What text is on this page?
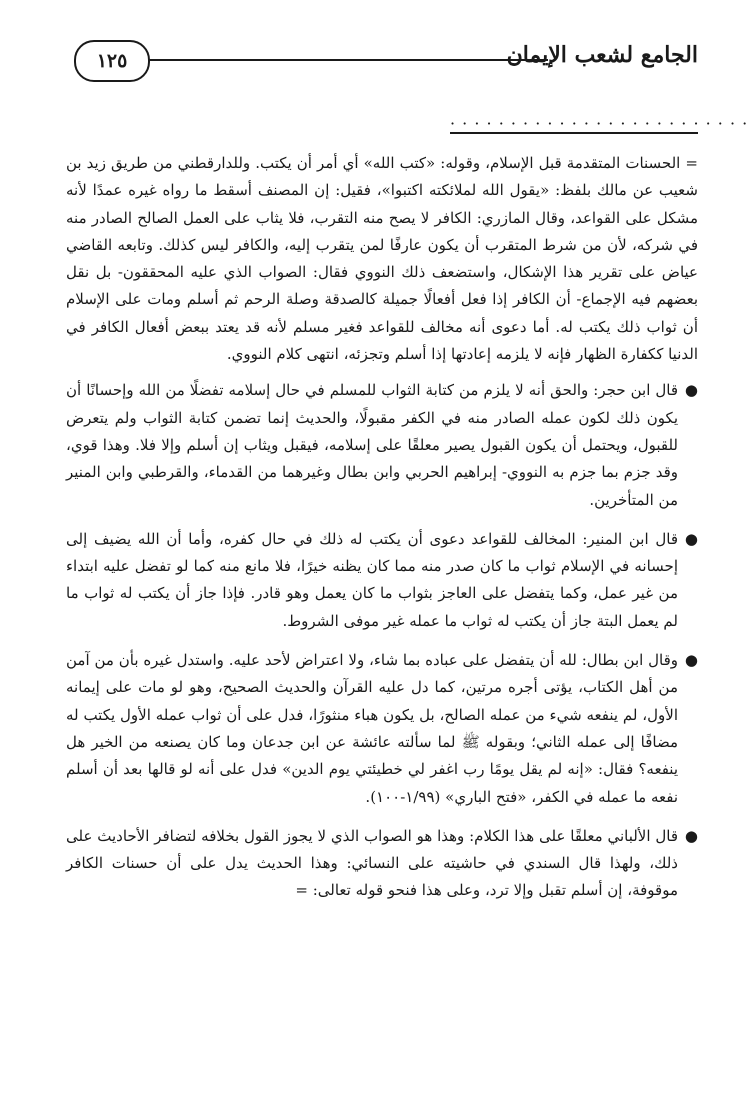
١٢٥	الجامع لشعب الإيمان
· · · · · · · · · · · · · · · · · · · · · · · · ·

= الحسنات المتقدمة قبل الإسلام، وقوله: «كتب الله» أي أمر أن يكتب. وللدارقطني من طريق زيد بن شعيب عن مالك بلفظ: «يقول الله لملائكته اكتبوا»، فقيل: إن المصنف أسقط ما رواه غيره عمدًا لأنه مشكل على القواعد، وقال المازري: الكافر لا يصح منه التقرب، فلا يثاب على العمل الصالح الصادر منه في شركه، لأن من شرط المتقرب أن يكون عارفًا لمن يتقرب إليه، والكافر ليس كذلك. وتابعه القاضي عياض على تقرير هذا الإشكال، واستضعف ذلك النووي فقال: الصواب الذي عليه المحققون- بل نقل بعضهم فيه الإجماع- أن الكافر إذا فعل أفعالًا جميلة كالصدقة وصلة الرحم ثم أسلم ومات على الإسلام أن ثواب ذلك يكتب له. أما دعوى أنه مخالف للقواعد فغير مسلم لأنه قد يعتد ببعض أفعال الكافر في الدنيا ككفارة الظهار فإنه لا يلزمه إعادتها إذا أسلم وتجزئه، انتهى كلام النووي.

●
قال ابن حجر: والحق أنه لا يلزم من كتابة الثواب للمسلم في حال إسلامه تفضلًا من الله وإحسانًا أن يكون ذلك لكون عمله الصادر منه في الكفر مقبولًا، والحديث إنما تضمن كتابة الثواب ولم يتعرض للقبول، ويحتمل أن يكون القبول يصير معلقًا على إسلامه، فيقبل ويثاب إن أسلم وإلا فلا. وهذا قوي، وقد جزم بما جزم به النووي- إبراهيم الحربي وابن بطال وغيرهما من القدماء، والقرطبي وابن المنير من المتأخرين.
●
قال ابن المنير: المخالف للقواعد دعوى أن يكتب له ذلك في حال كفره، وأما أن الله يضيف إلى إحسانه في الإسلام ثواب ما كان صدر منه مما كان يظنه خيرًا، فلا مانع منه كما لو تفضل عليه ابتداء من غير عمل، وكما يتفضل على العاجز بثواب ما كان يعمل وهو قادر. فإذا جاز أن يكتب له ثواب ما لم يعمل البتة جاز أن يكتب له ثواب ما عمله غير موفى الشروط.
●
وقال ابن بطال: لله أن يتفضل على عباده بما شاء، ولا اعتراض لأحد عليه. واستدل غيره بأن من آمن من أهل الكتاب، يؤتى أجره مرتين، كما دل عليه القرآن والحديث الصحيح، وهو لو مات على إيمانه الأول، لم ينفعه شيء من عمله الصالح، بل يكون هباء منثورًا، فدل على أن ثواب عمله الأول يكتب له مضافًا إلى عمله الثاني؛ وبقوله ﷺ لما سألته عائشة عن ابن جدعان وما كان يصنعه من الخير هل ينفعه؟ فقال: «إنه لم يقل يومًا رب اغفر لي خطيئتي يوم الدين» فدل على أنه لو قالها بعد أن أسلم نفعه ما عمله في الكفر، «فتح الباري» (١/٩٩-١٠٠).
●
قال الألباني معلقًا على هذا الكلام: وهذا هو الصواب الذي لا يجوز القول بخلافه لتضافر الأحاديث على ذلك، ولهذا قال السندي في حاشيته على النسائي: وهذا الحديث يدل على أن حسنات الكافر موقوفة، إن أسلم تقبل وإلا ترد، وعلى هذا فنحو قوله تعالى: =
